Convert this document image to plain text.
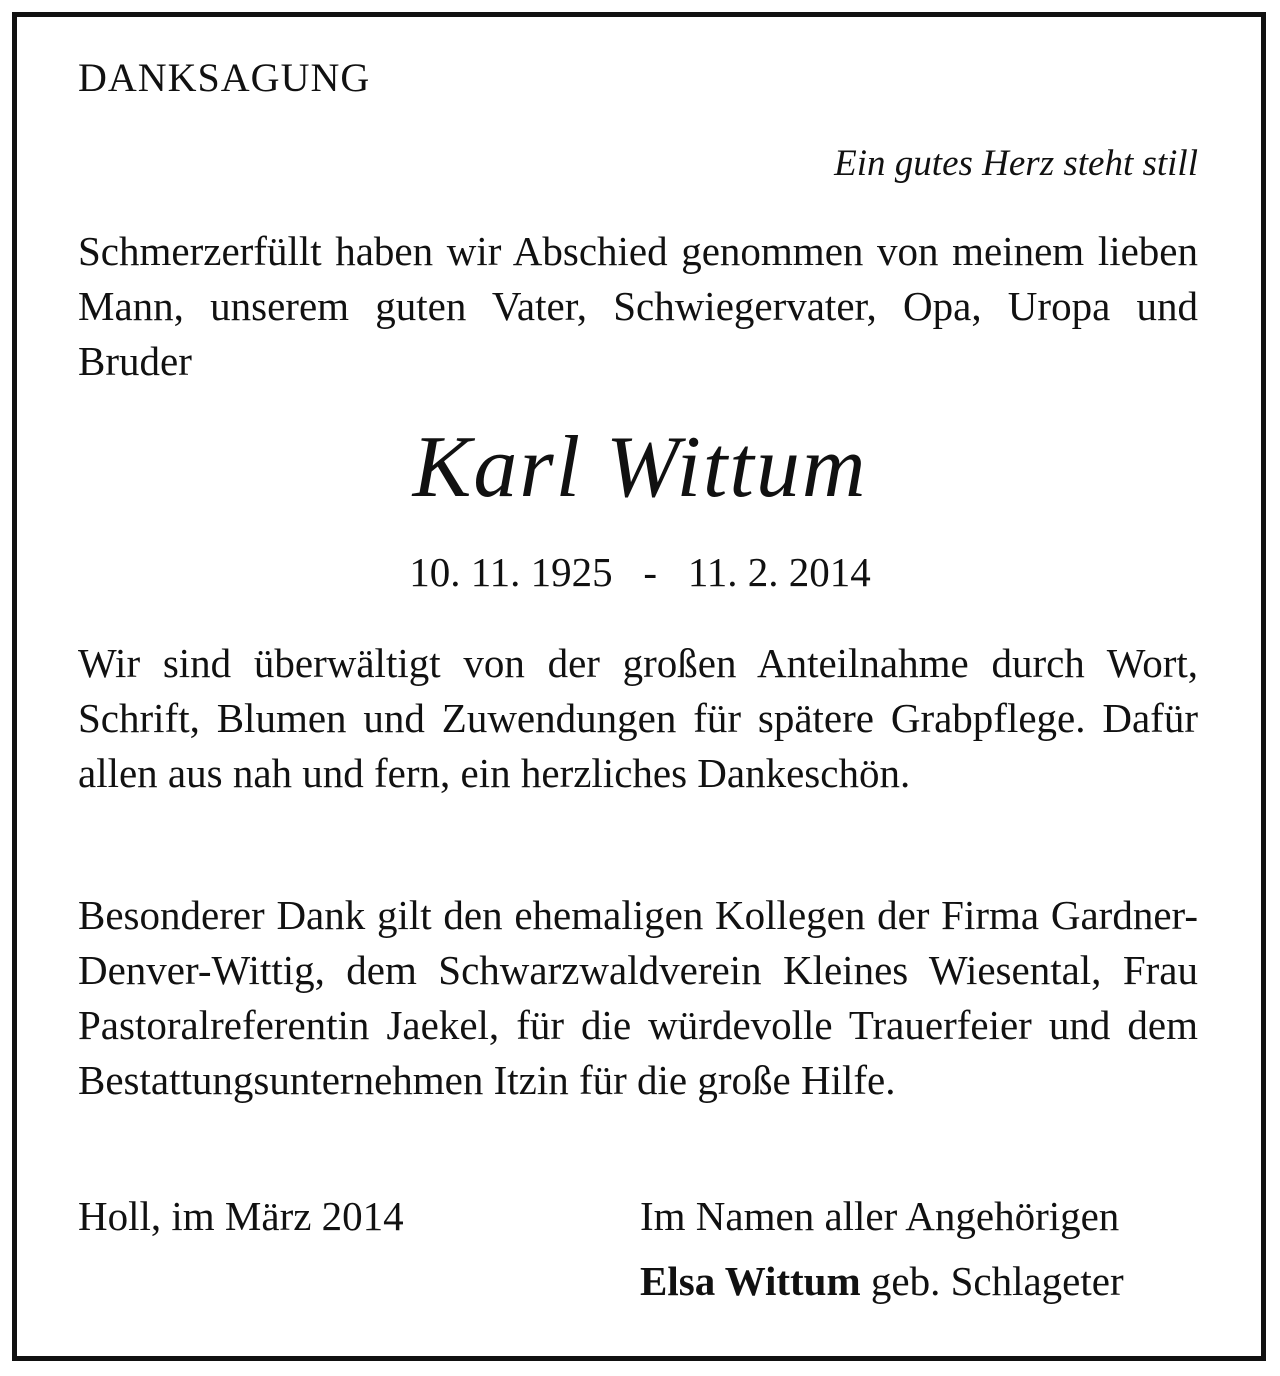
DANKSAGUNG
Ein gutes Herz steht still
Schmerzerfüllt haben wir Abschied genommen von meinem lieben Mann, unserem guten Vater, Schwiegervater, Opa, Uropa und Bruder
Karl Wittum
10. 11. 1925   -   11. 2. 2014
Wir sind überwältigt von der großen Anteilnahme durch Wort, Schrift, Blumen und Zuwendungen für spätere Grabpflege. Dafür allen aus nah und fern, ein herzliches Dankeschön.
Besonderer Dank gilt den ehemaligen Kollegen der Firma Gardner-Denver-Wittig, dem Schwarzwaldverein Kleines Wiesental, Frau Pastoralreferentin Jaekel, für die würdevolle Trauerfeier und dem Bestattungsunternehmen Itzin für die große Hilfe.
Holl, im März 2014	Im Namen aller Angehörigen
Elsa Wittum geb. Schlageter
